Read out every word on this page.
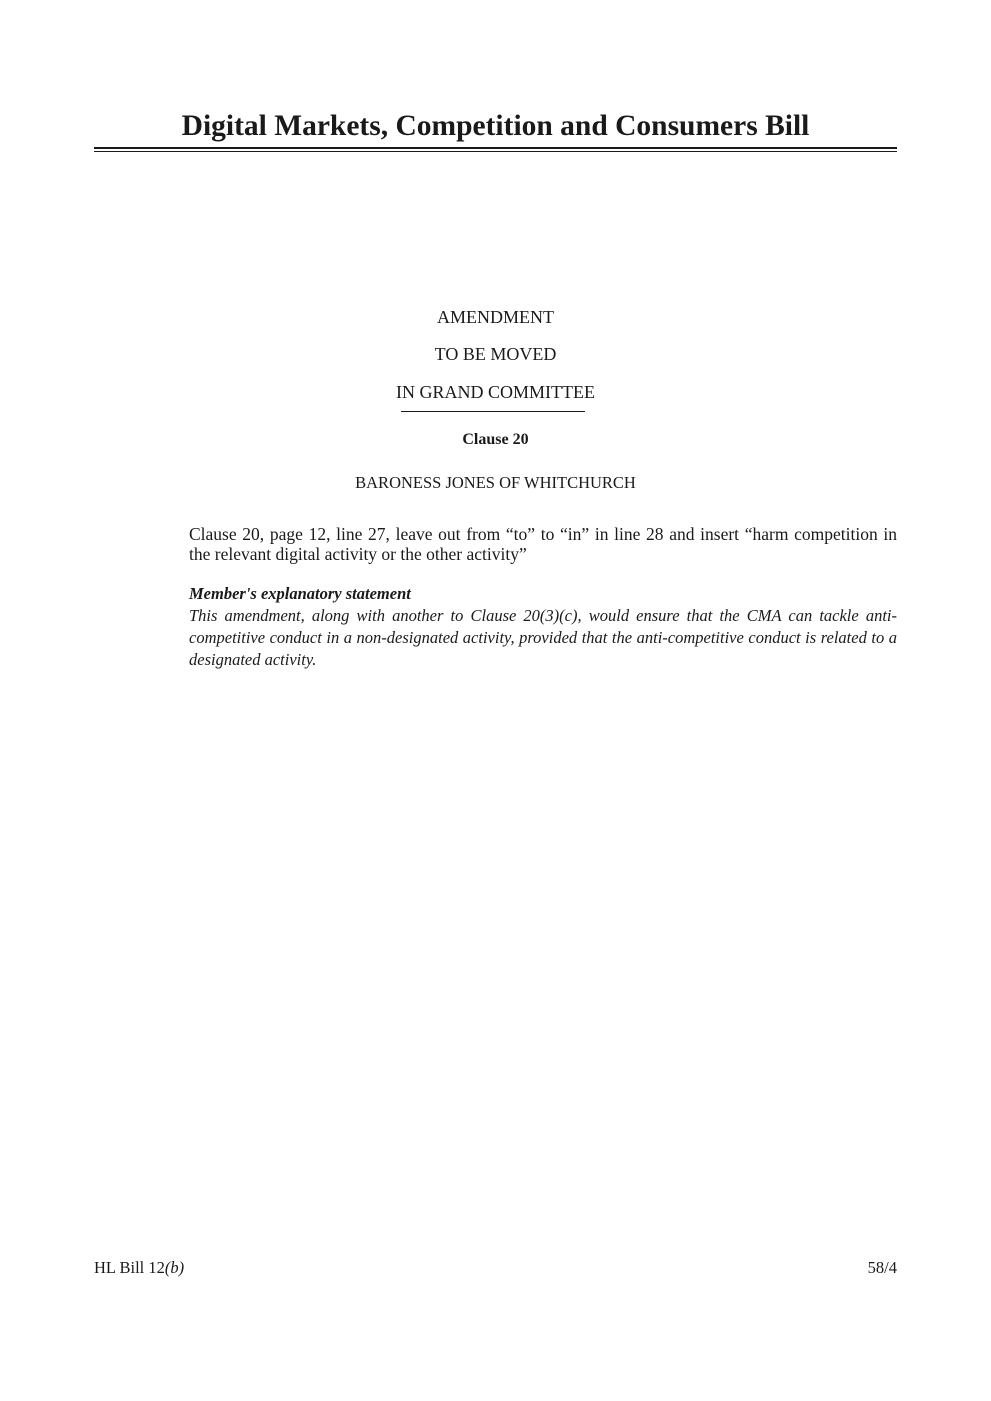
Digital Markets, Competition and Consumers Bill

AMENDMENT

TO BE MOVED

IN GRAND COMMITTEE

Clause 20

BARONESS JONES OF WHITCHURCH

Clause 20, page 12, line 27, leave out from “to” to “in” in line 28 and insert “harm competition in the relevant digital activity or the other activity”

Member's explanatory statement

This amendment, along with another to Clause 20(3)(c), would ensure that the CMA can tackle anti-competitive conduct in a non-designated activity, provided that the anti-competitive conduct is related to a designated activity.

HL Bill 12(b)	58/4
